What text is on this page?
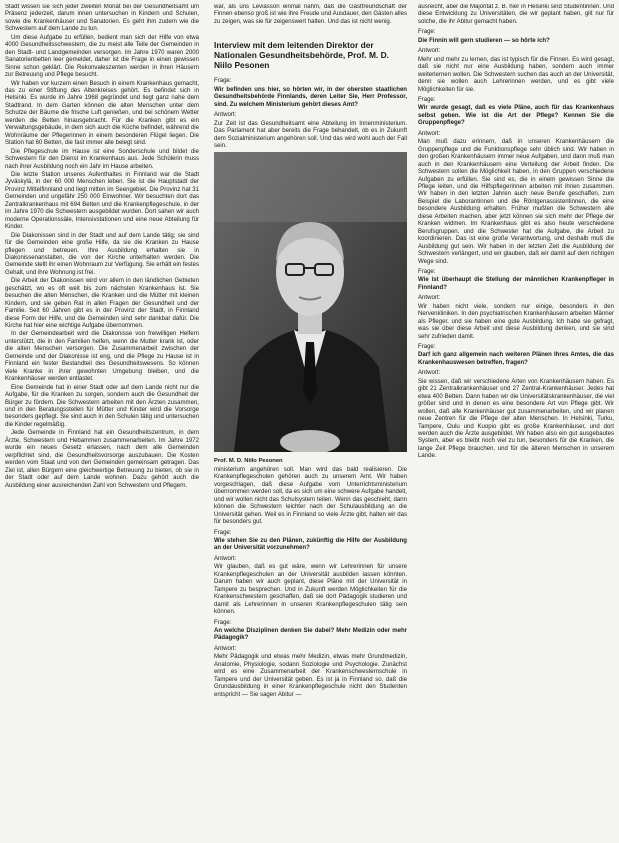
Stadt wissen sie sich jeder zweiten Monat bei der Gesundheitsamt um Präsenz jederzeit, darum innen untersuchen in Kindern und Schulen, sowie die Krankenhäuser und Sanatorien. Es geht ihm zudem wie die Schwestern auf dem Lande zu tun.

Um diese Aufgabe zu erfüllen, bedient man sich der Hilfe von etwa 4000 Gesundheitsschwestern, die zu meist alle Teile der Gemeinden in den Stadt- und Landgemeinden versorgen. Im Jahre 1970 waren 2000 Sanatorienbetten leer gemeldet, daher ist die Frage in einen gewissen Sinne schon geklärt. Die Rekonvaleszenten werden in ihren Häusern zur Betreuung und Pflege besucht.

Wir haben vor kurzem einen Besuch in einem Krankenhaus gemacht, das zu einer Stiftung des Altenkreises gehört. Es befindet sich in Helsinki. Es wurde im Jahre 1968 gegründet und liegt ganz nahe dem Stadtrand. In dem Garten können die alten Menschen unter dem Schutze der Bäume die frische Luft genießen, und bei schönem Wetter werden die Betten hinausgebracht. Für die Kranken gibt es ein Verwaltungsgebäude, in dem sich auch die Küche befindet, während die Wohnräume der Pflegerinnen in einem besonderen Flügel liegen. Die Station hat 60 Betten, die fast immer alle belegt sind.

Die Pflegeschule im Hause ist eine Sonderschule und bildet die Schwestern für den Dienst im Krankenhaus aus. Jede Schülerin muss nach ihrer Ausbildung noch ein Jahr im Hause arbeiten.

Die letzte Station unseres Aufenthaltes in Finnland war die Stadt Jyväskylä, in der 60 000 Menschen leben. Sie ist die Hauptstadt der Provinz Mittelfinnland und liegt mitten im Seengebiet. Die Provinz hat 31 Gemeinden und ungefähr 250 000 Einwohner. Wir besuchten dort das Zentralkrankenhaus mit 694 Betten und die Krankenpflegeschule, in der im Jahre 1970 die Schwestern ausgebildet wurden. Dort sahen wir auch moderne Operationssäle, Intensivstationen und eine neue Abteilung für Kinder.

Die Diakonissen sind in der Stadt und auf dem Lande tätig; sie sind für die Gemeinden eine große Hilfe, da sie die Kranken zu Hause pflegen und betreuen. Ihre Ausbildung erhalten sie in Diakonissenanstalten, die von der Kirche unterhalten werden. Die Gemeinde stellt ihr einen Wohnraum zur Verfügung. Sie erhält ein festes Gehalt, und ihre Wohnung ist frei.

Die Arbeit der Diakonissen wird vor allem in den ländlichen Gebieten geschätzt, wo es oft weit bis zum nächsten Krankenhaus ist. Sie besuchen die alten Menschen, die Kranken und die Mütter mit kleinen Kindern, und sie geben Rat in allen Fragen der Gesundheit und der Familie. Seit 60 Jahren gibt es in der Provinz der Stadt, in Finnland diese Form der Hilfe, und die Gemeinden sind sehr dankbar dafür. Die Kirche hat hier eine wichtige Aufgabe übernommen.

In der Gemeindearbeit wird die Diakonisse von freiwilligen Helfern unterstützt, die in den Familien helfen, wenn die Mutter krank ist, oder die alten Menschen versorgen. Die Zusammenarbeit zwischen der Gemeinde und der Diakonisse ist eng, und die Pflege zu Hause ist in Finnland ein fester Bestandteil des Gesundheitswesens. So können viele Kranke in ihrer gewohnten Umgebung bleiben, und die Krankenhäuser werden entlastet.

Eine Gemeinde hat in einer Stadt oder auf dem Lande nicht nur die Aufgabe, für die Kranken zu sorgen, sondern auch die Gesundheit der Bürger zu fördern. Die Schwestern arbeiten mit den Ärzten zusammen, und in den Beratungsstellen für Mütter und Kinder wird die Vorsorge besonders gepflegt. Sie sind auch in den Schulen tätig und untersuchen die Kinder regelmäßig.

Jede Gemeinde in Finnland hat ein Gesundheitszentrum, in dem Ärzte, Schwestern und Hebammen zusammenarbeiten. Im Jahre 1972 wurde ein neues Gesetz erlassen, nach dem alle Gemeinden verpflichtet sind, die Gesundheitsvorsorge auszubauen. Die Kosten werden vom Staat und von den Gemeinden gemeinsam getragen. Das Ziel ist, allen Bürgern eine gleichwertige Betreuung zu bieten, ob sie in der Stadt oder auf dem Lande wohnen. Dazu gehört auch die Ausbildung einer ausreichenden Zahl von Schwestern und Pflegern.

war, als uns Leviasson einmal nahm, daß die Gastfreundschaft der Finnen ebenso groß ist wie ihre Freude und Ausdauer, den Gästen alles zu zeigen, was sie für zeigenswert halten. Und das ist nicht wenig.

Interview mit dem leitenden Direktor der Nationalen Gesundheitsbehörde, Prof. M. D. Niilo Pesonen

Frage:

Wir befinden uns hier, so hörten wir, in der obersten staatlichen Gesundheitsbehörde Finnlands, deren Leiter Sie, Herr Professor, sind. Zu welchem Ministerium gehört dieses Amt?

Antwort:

Zur Zeit ist das Gesundheitsamt eine Abteilung im Innenministerium. Das Parlament hat aber bereits die Frage behandelt, ob es in Zukunft dem Sozialministerium angehören soll. Und das wird wohl auch der Fall sein.

Prof. M. D. Niilo Pesonen

ministerium angehören soll. Man wird das bald realisieren. Die Krankenpflegeschulen gehören auch zu unserem Amt. Wir haben vorgeschlagen, daß diese Aufgabe vom Unterrichtsministerium übernommen werden soll, da es sich um eine schwere Aufgabe handelt, und wir wollen nicht das Schulsystem teilen. Wenn das geschieht, dann können die Schwestern leichter nach der Schulausbildung an die Universität gehen. Weil es in Finnland so viele Ärzte gibt, halten wir das für besonders gut.

Frage:

Wie stehen Sie zu den Plänen, zukünftig die Hilfe der Ausbildung an der Universität vorzunehmen?

Antwort:

Wir glauben, daß es gut wäre, wenn wir Lehrerinnen für unsere Krankenpflegeschulen an der Universität ausbilden lassen könnten. Darum haben wir auch geplant, diese Pläne mit der Universität in Tampere zu besprechen. Und in Zukunft werden Möglichkeiten für die Krankenschwestern geschaffen, daß sie dort Pädagogik studieren und damit als Lehrerinnen in unseren Krankenpflegeschulen tätig sein können.

Frage:

An welche Disziplinen denken Sie dabei? Mehr Medizin oder mehr Pädagogik?

Antwort:

Mehr Pädagogik und etwas mehr Medizin, etwas mehr Grundmedizin, Anatomie, Physiologie, sodann Soziologie und Psychologie. Zunächst wird es eine Zusammenarbeit der Krankenschwesternschule in Tampere und der Universität geben. Es ist ja in Finnland so, daß die Grundausbildung in einer Krankenpflegeschule nicht den Studenten entspricht — Sie sagen Abitur —

ausreicht, aber die Majorität z. B. hier in Helsinki sind Studentinnen. Und diese Entwicklung zu Universitäten, die wir geplant haben, gilt nur für solche, die ihr Abitur gemacht haben.

Frage:

Die Finnin will gern studieren — so hörte ich?

Antwort:

Mehr und mehr zu lernen, das ist typisch für die Finnen. Es wird gesagt, daß sie nicht nur eine Ausbildung haben, sondern auch immer weiterlernen wollen. Die Schwestern suchen das auch an der Universität, denn sie wollen auch Lehrerinnen werden, und es gibt viele Möglichkeiten für sie.

Frage:

Wir wurde gesagt, daß es viele Pläne, auch für das Krankenhaus selbst geben. Wie ist die Art der Pflege? Kennen Sie die Gruppenpflege?

Antwort:

Man muß dazu erinnern, daß in unseren Krankenhäusern die Gruppenpflege und die Funktionspflege sehr üblich sind. Wir haben in den großen Krankenhäusern immer neue Aufgaben, und dann muß man auch in den Krankenhäusern eine Verteilung der Arbeit finden. Die Schwestern sollen die Möglichkeit haben, in den Gruppen verschiedene Aufgaben zu erfüllen. Sie sind es, die in einem gewissen Sinne die Pflege leiten, und die Hilfspflegerinnen arbeiten mit ihnen zusammen. Wir haben in den letzten Jahren auch neue Berufe geschaffen, zum Beispiel die Laborantinnen und die Röntgenassistentinnen, die eine besondere Ausbildung erhalten. Früher mußten die Schwestern alle diese Arbeiten machen, aber jetzt können sie sich mehr der Pflege der Kranken widmen. Im Krankenhaus gibt es also heute verschiedene Berufsgruppen, und die Schwester hat die Aufgabe, die Arbeit zu koordinieren. Das ist eine große Verantwortung, und deshalb muß die Ausbildung gut sein. Wir haben in der letzten Zeit die Ausbildung der Schwestern verlängert, und wir glauben, daß wir damit auf dem richtigen Wege sind.

Frage:

Wie ist überhaupt die Stellung der männlichen Krankenpfleger in Finnland?

Antwort:

Wir haben nicht viele, sondern nur einige, besonders in den Nervenkliniken. In den psychiatrischen Krankenhäusern arbeiten Männer als Pfleger, und sie haben eine gute Ausbildung. Ich habe sie gefragt, was sie über diese Arbeit und diese Ausbildung denken, und sie sind sehr zufrieden damit.

Frage:

Darf ich ganz allgemein nach weiteren Plänen Ihres Amtes, die das Krankenhauswesen betreffen, fragen?

Antwort:

Sie wissen, daß wir verschiedene Arten von Krankenhäusern haben. Es gibt 21 Zentralkrankenhäuser und 27 Zentral-Krankenhäuser. Jedes hat etwa 400 Betten. Dann haben wir die Universitätskrankenhäuser, die viel größer sind und in denen es eine besondere Art von Pflege gibt. Wir wollen, daß alle Krankenhäuser gut zusammenarbeiten, und wir planen neue Zentren für die Pflege der alten Menschen. In Helsinki, Turku, Tampere, Oulu und Kuopio gibt es große Krankenhäuser, und dort werden auch die Ärzte ausgebildet. Wir haben also ein gut ausgebautes System, aber es bleibt noch viel zu tun, besonders für die Kranken, die lange Zeit Pflege brauchen, und für die älteren Menschen in unserem Lande.
